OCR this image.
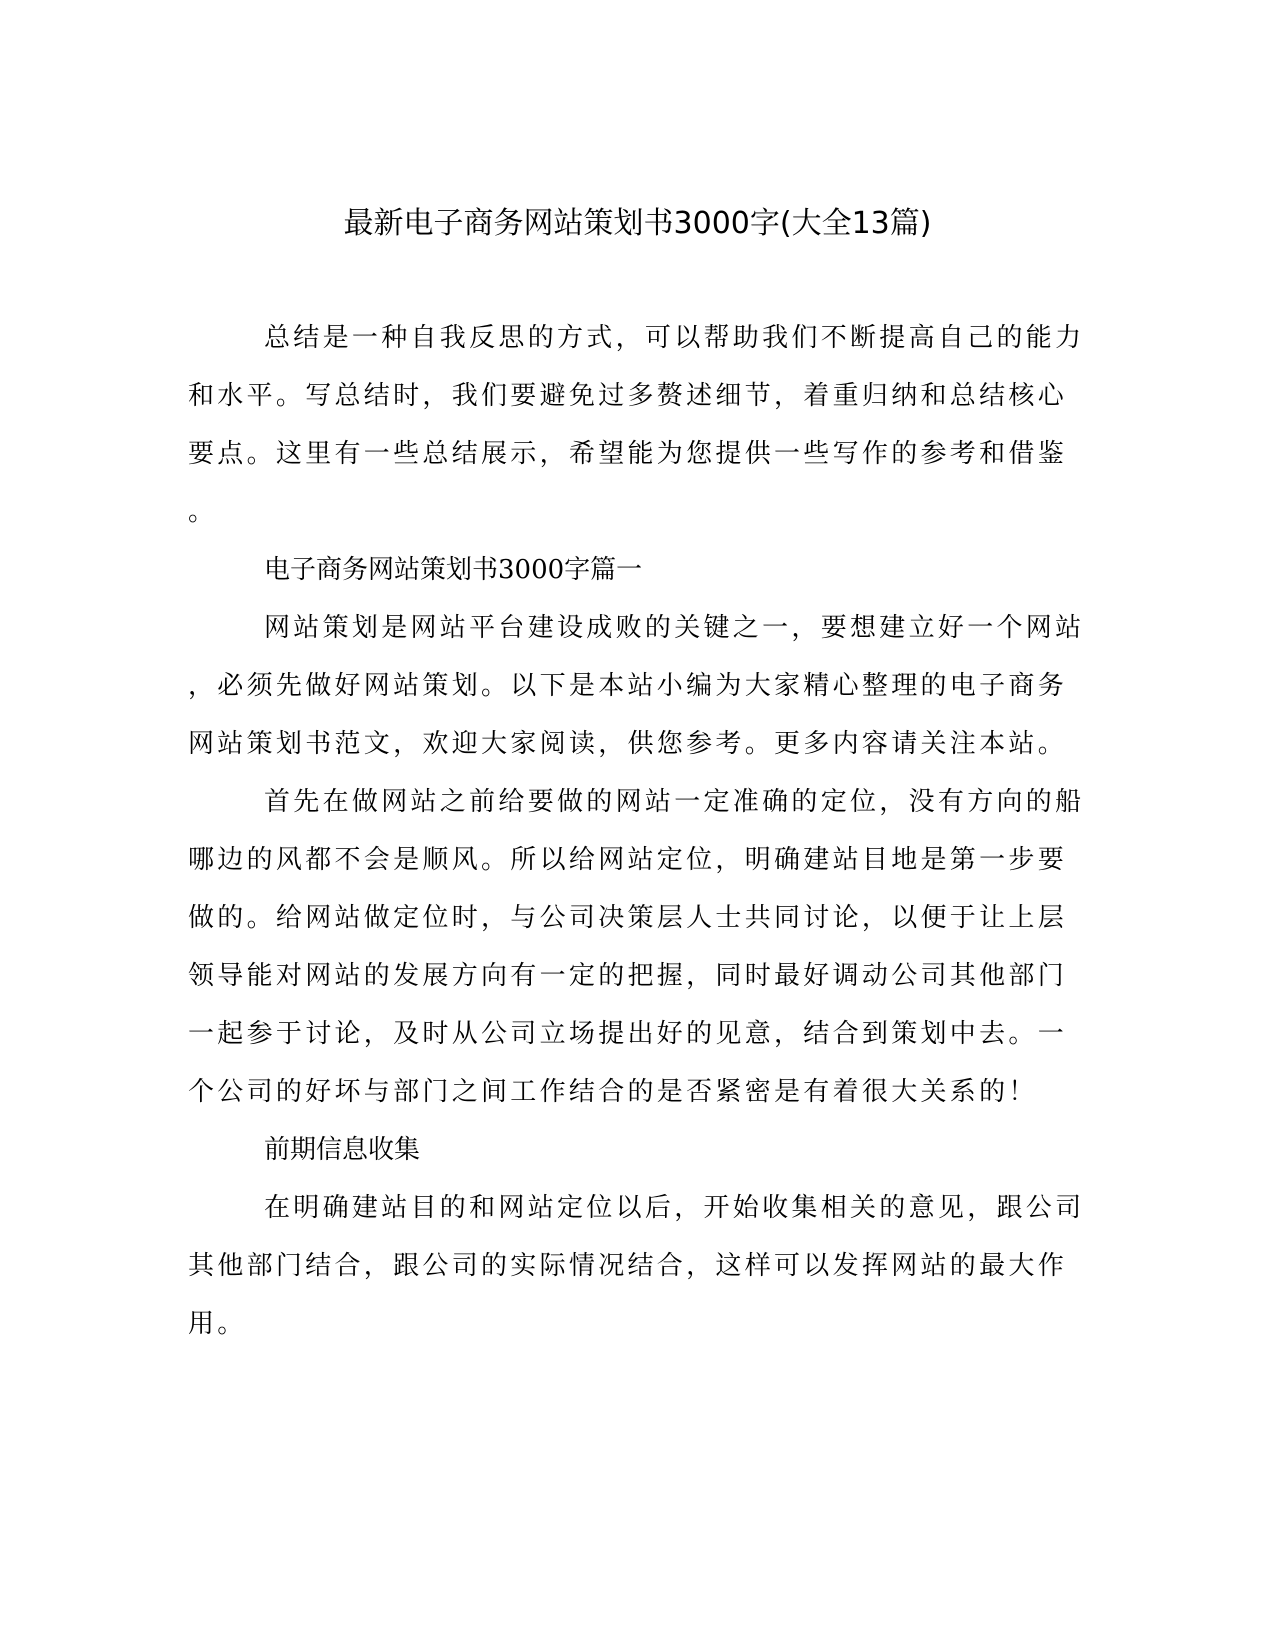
最新电子商务网站策划书3000字(大全13篇)
总结是一种自我反思的方式，可以帮助我们不断提高自己的能力
和水平。写总结时，我们要避免过多赘述细节，着重归纳和总结核心
要点。这里有一些总结展示，希望能为您提供一些写作的参考和借鉴
。
电子商务网站策划书3000字篇一
网站策划是网站平台建设成败的关键之一，要想建立好一个网站
，必须先做好网站策划。以下是本站小编为大家精心整理的电子商务
网站策划书范文，欢迎大家阅读，供您参考。更多内容请关注本站。
首先在做网站之前给要做的网站一定准确的定位，没有方向的船
哪边的风都不会是顺风。所以给网站定位，明确建站目地是第一步要
做的。给网站做定位时，与公司决策层人士共同讨论，以便于让上层
领导能对网站的发展方向有一定的把握，同时最好调动公司其他部门
一起参于讨论，及时从公司立场提出好的见意，结合到策划中去。一
个公司的好坏与部门之间工作结合的是否紧密是有着很大关系的！
前期信息收集
在明确建站目的和网站定位以后，开始收集相关的意见，跟公司
其他部门结合，跟公司的实际情况结合，这样可以发挥网站的最大作
用。
